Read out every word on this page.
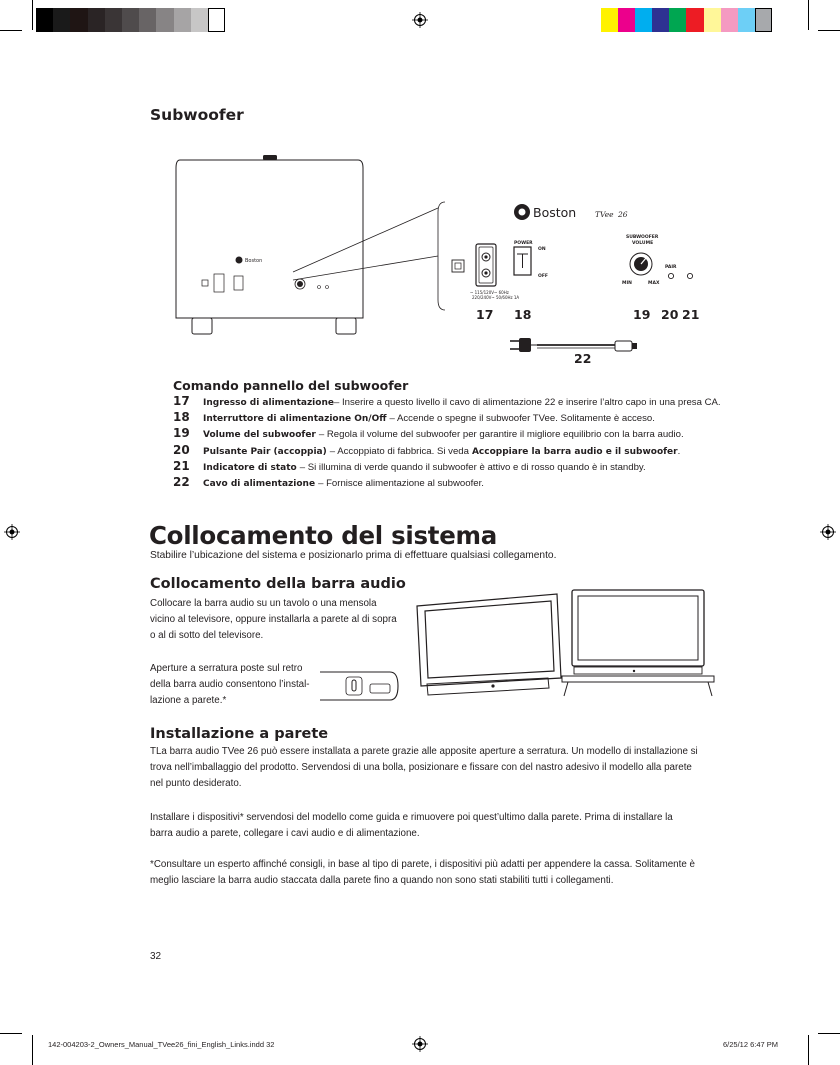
Subwoofer
Boston
Boston	TVee 26
~ 115/120V~ 60Hz
220/240V~ 50/60Hz 1A
POWER
ON
OFF
SUBWOOFER
VOLUME
MIN	MAX
PAIR
17 18	19 20 21
22
Comando pannello del subwoofer
17	Ingresso di alimentazione – Inserire a questo livello il cavo di alimentazione 22 e inserire l’altro capo in una presa CA.
18	Interruttore di alimentazione On/Off – Accende o spegne il subwoofer TVee. Solitamente è acceso.
19	Volume del subwoofer – Regola il volume del subwoofer per garantire il migliore equilibrio con la barra audio.
20	Pulsante Pair (accoppia) – Accoppiato di fabbrica. Si veda Accoppiare la barra audio e il subwoofer .
21	Indicatore di stato – Si illumina di verde quando il subwoofer è attivo e di rosso quando è in standby.
22	Cavo di alimentazione – Fornisce alimentazione al subwoofer.
Collocamento del sistema
Stabilire l’ubicazione del sistema e posizionarlo prima di effettuare qualsiasi collegamento.
Collocamento della barra audio
Collocare la barra audio su un tavolo o una mensola
vicino al televisore, oppure installarla a parete al di sopra
o al di sotto del televisore.
Aperture a serratura poste sul retro
della barra audio consentono l’instal-
lazione a parete.*
Installazione a parete
TLa barra audio TVee 26 può essere installata a parete grazie alle apposite aperture a serratura. Un modello di installazione si
trova nell’imballaggio del prodotto. Servendosi di una bolla, posizionare e fissare con del nastro adesivo il modello alla parete
nel punto desiderato.
Installare i dispositivi* servendosi del modello come guida e rimuovere poi quest’ultimo dalla parete. Prima di installare la
barra audio a parete, collegare i cavi audio e di alimentazione.
*Consultare un esperto affinché consigli, in base al tipo di parete, i dispositivi più adatti per appendere la cassa. Solitamente è
meglio lasciare la barra audio staccata dalla parete fino a quando non sono stati stabiliti tutti i collegamenti.
32
142-004203-2_Owners_Manual_TVee26_fini_English_Links.indd 32	6/25/12 6:47 PM
